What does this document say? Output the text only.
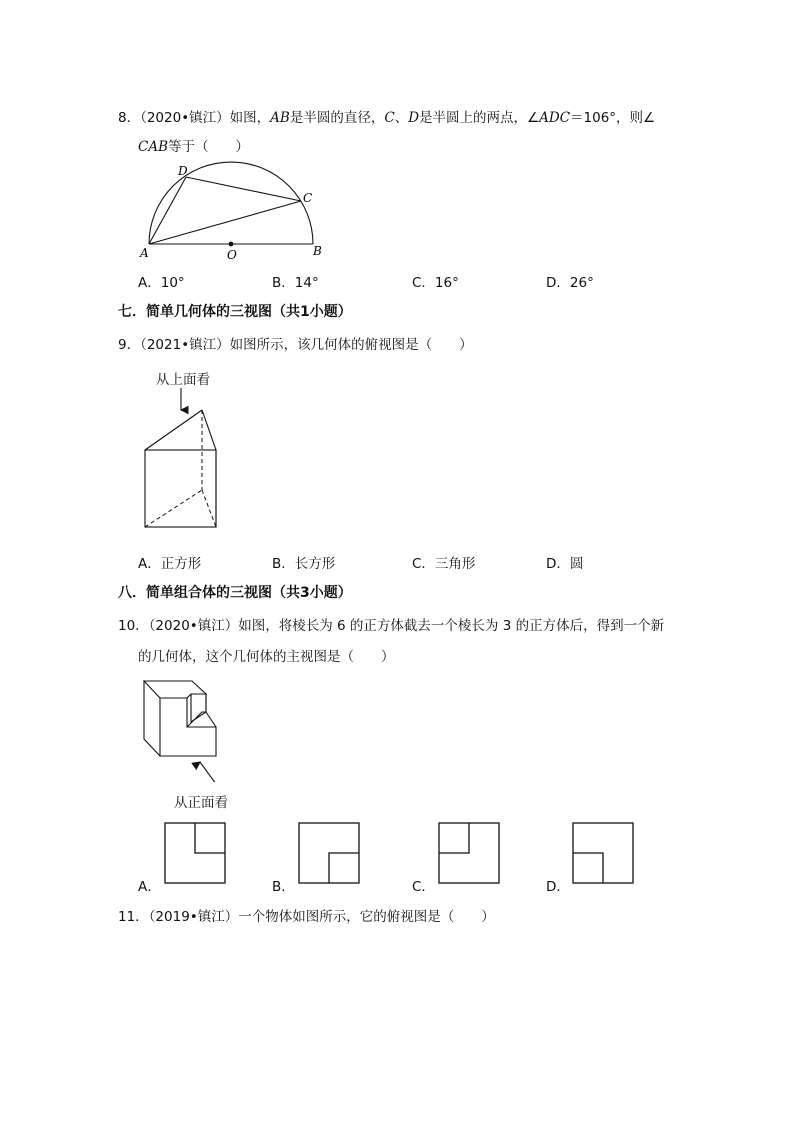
8．（2020•镇江）如图，AB是半圆的直径，C、D是半圆上的两点，∠ADC＝106°，则∠
CAB等于（　　）
D
C
A	O	B
A．10°	B．14°	C．16°	D．26°
七．简单几何体的三视图（共1小题）
9．（2021•镇江）如图所示，该几何体的俯视图是（　　）
从上面看
A．正方形	B．长方形	C．三角形	D．圆
八．简单组合体的三视图（共3小题）
10．（2020•镇江）如图，将棱长为 6 的正方体截去一个棱长为 3 的正方体后，得到一个新
的几何体，这个几何体的主视图是（　　）
从正面看
A．	B．	C．	D．
11．（2019•镇江）一个物体如图所示，它的俯视图是（　　）
